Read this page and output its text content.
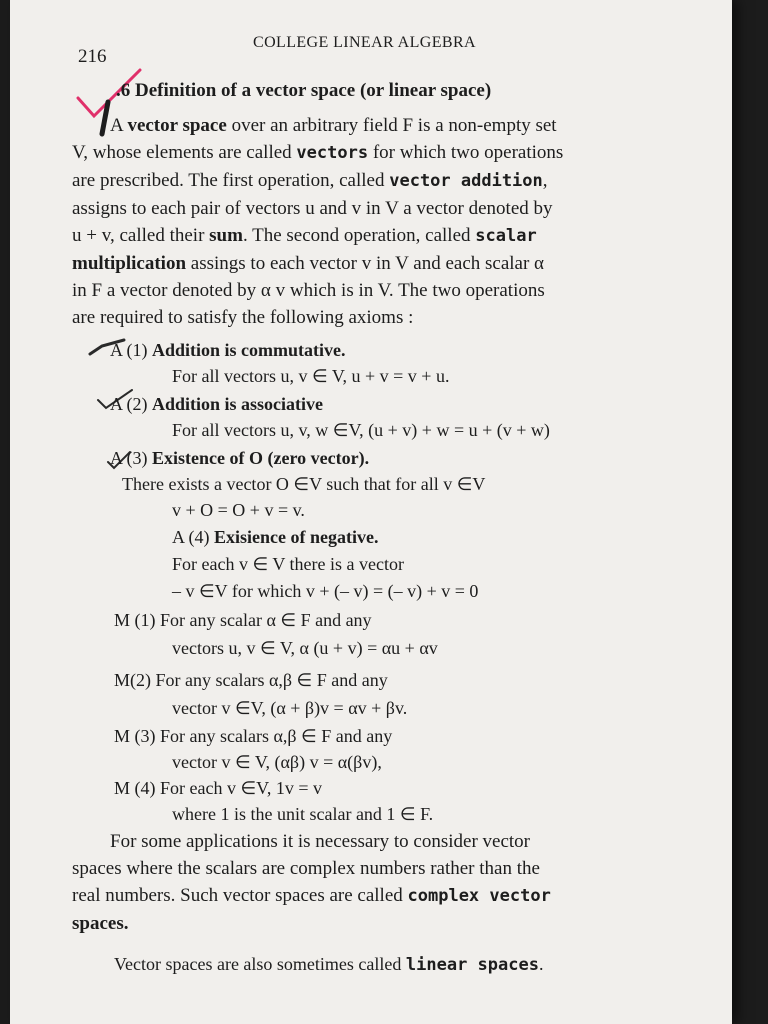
216
COLLEGE LINEAR ALGEBRA
.6 Definition of a vector space (or linear space)
A vector space over an arbitrary field F is a non-empty set
V, whose elements are called vectors for which two operations
are prescribed. The first operation, called vector addition,
assigns to each pair of vectors u and v in V a vector denoted by
u + v, called their sum. The second operation, called scalar
multiplication assings to each vector v in V and each scalar α
in F a vector denoted by α v which is in V. The two operations
are required to satisfy the following axioms :
A (1) Addition is commutative.
For all vectors u, v ∈ V, u + v = v + u.
A (2) Addition is associative
For all vectors u, v, w ∈V, (u + v) + w = u + (v + w)
A (3) Existence of O (zero vector).
There exists a vector O ∈V such that for all v ∈V
v + O = O + v = v.
A (4) Exisience of negative.
For each v ∈ V there is a vector
– v ∈V for which v + (– v) = (– v) + v = 0
M (1) For any scalar α ∈ F and any
vectors u, v ∈ V, α (u + v) = αu + αv
M(2) For any scalars α,β ∈ F and any
vector v ∈V, (α + β)v = αv + βv.
M (3) For any scalars α,β ∈ F and any
vector v ∈ V, (αβ) v = α(βv),
M (4) For each v ∈V, 1v = v
where 1 is the unit scalar and 1 ∈ F.
For some applications it is necessary to consider vector
spaces where the scalars are complex numbers rather than the
real numbers. Such vector spaces are called complex vector
spaces.
Vector spaces are also sometimes called linear spaces.
